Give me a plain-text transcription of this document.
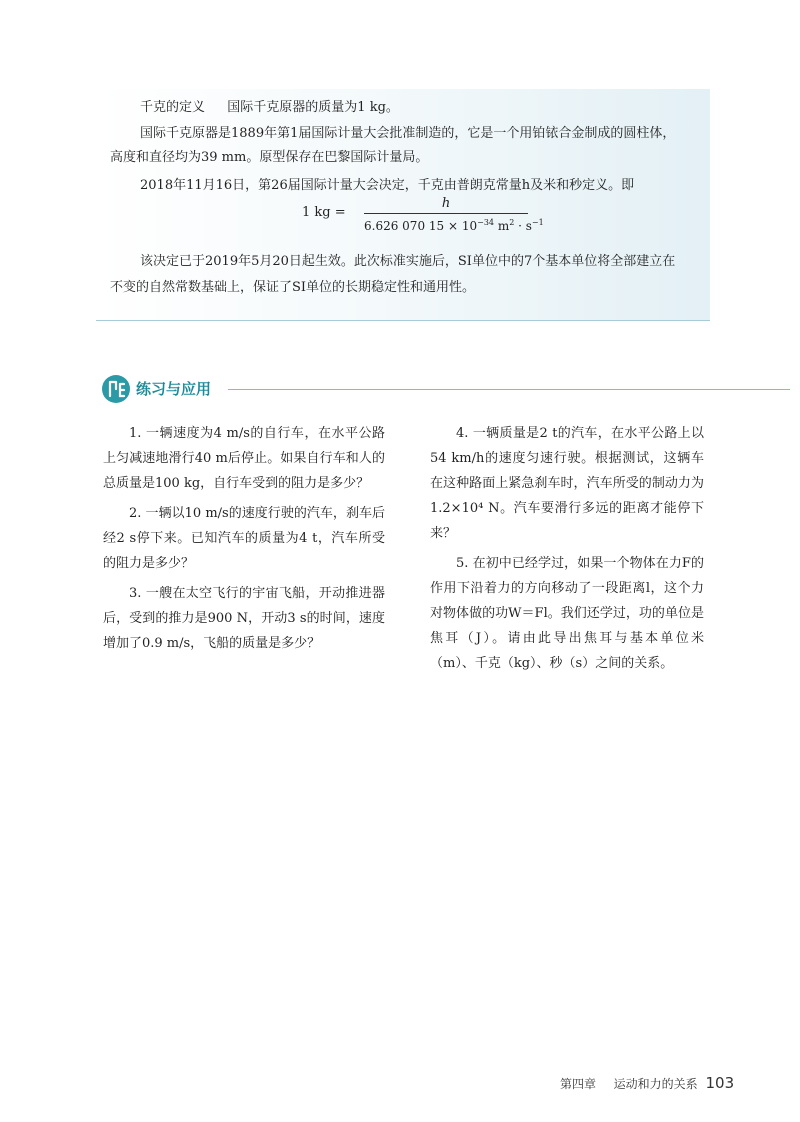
千克的定义 国际千克原器的质量为1 kg。
国际千克原器是1889年第1届国际计量大会批准制造的，它是一个用铂铱合金制成的圆柱体，
高度和直径均为39 mm。原型保存在巴黎国际计量局。
2018年11月16日，第26届国际计量大会决定，千克由普朗克常量h及米和秒定义。即
1 kg =
h
6.626 070 $15 \times 10^{-34}$ $m^2 \cdot s^{-1}$
该决定已于2019年5月20日起生效。此次标准实施后，SI单位中的7个基本单位将全部建立在
不变的自然常数基础上，保证了SI单位的长期稳定性和通用性。
练习与应用

1. 一辆速度为4 m/s的自行车，在水平公路上匀减速地滑行40 m后停止。如果自行车和人的总质量是100 kg，自行车受到的阻力是多少？

2. 一辆以10 m/s的速度行驶的汽车，刹车后经2 s停下来。已知汽车的质量为4 t，汽车所受的阻力是多少？

3. 一艘在太空飞行的宇宙飞船，开动推进器后，受到的推力是900 N，开动3 s的时间，速度增加了0.9 m/s，飞船的质量是多少？

4. 一辆质量是2 t的汽车，在水平公路上以54 km/h的速度匀速行驶。根据测试，这辆车在这种路面上紧急刹车时，汽车所受的制动力为1.2×10⁴ N。汽车要滑行多远的距离才能停下来？

5. 在初中已经学过，如果一个物体在力F的作用下沿着力的方向移动了一段距离l，这个力对物体做的功W＝Fl。我们还学过，功的单位是焦耳（J）。请由此导出焦耳与基本单位米（m）、千克（kg）、秒（s）之间的关系。

第四章 运动和力的关系 103
